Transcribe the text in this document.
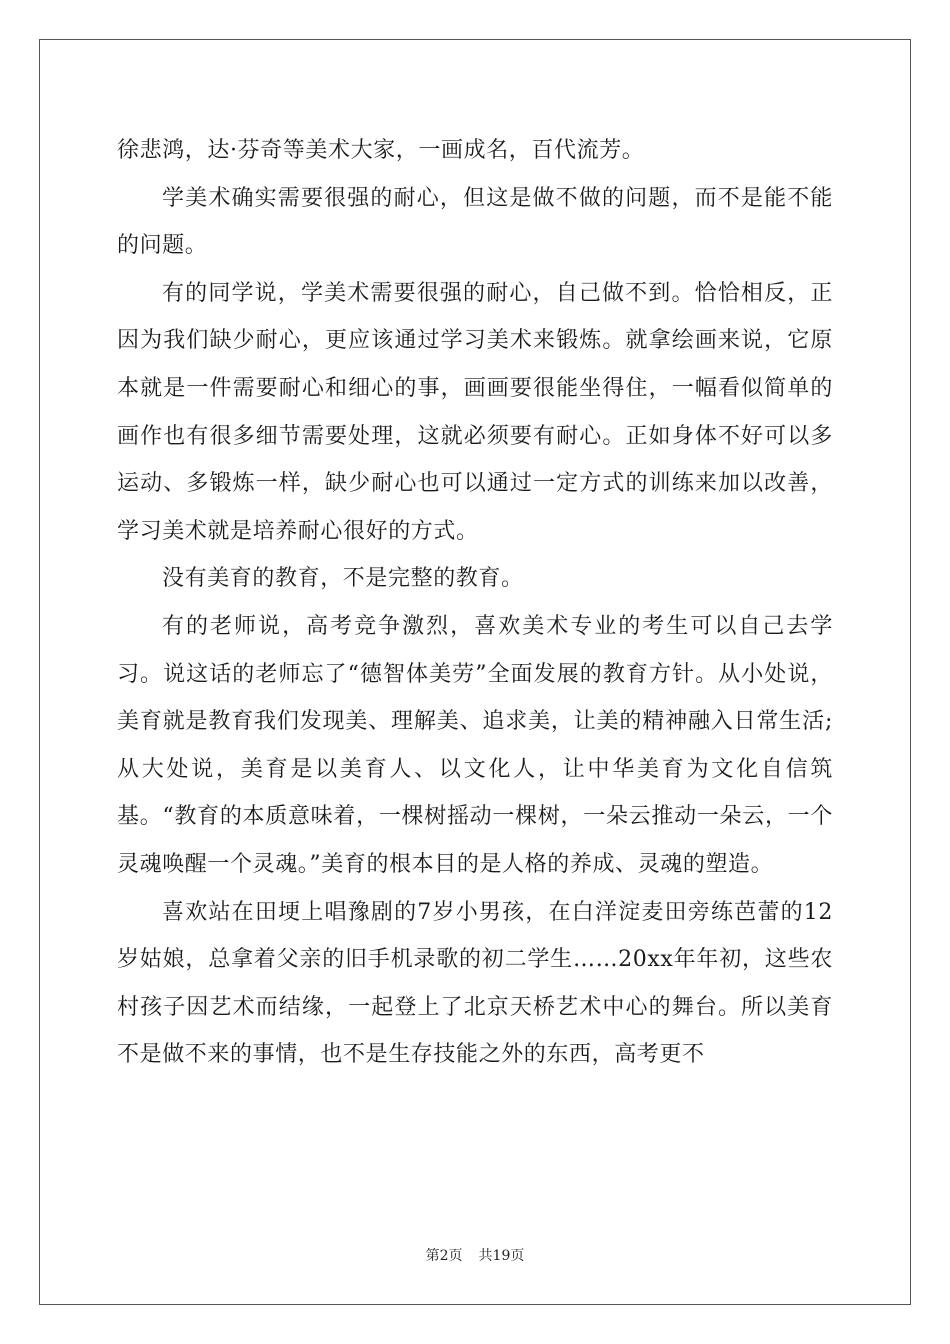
徐悲鸿，达·芬奇等美术大家，一画成名，百代流芳。

学美术确实需要很强的耐心，但这是做不做的问题，而不是能不能的问题。

有的同学说，学美术需要很强的耐心，自己做不到。恰恰相反，正因为我们缺少耐心，更应该通过学习美术来锻炼。就拿绘画来说，它原本就是一件需要耐心和细心的事，画画要很能坐得住，一幅看似简单的画作也有很多细节需要处理，这就必须要有耐心。正如身体不好可以多运动、多锻炼一样，缺少耐心也可以通过一定方式的训练来加以改善，学习美术就是培养耐心很好的方式。

没有美育的教育，不是完整的教育。

有的老师说，高考竞争激烈，喜欢美术专业的考生可以自己去学习。说这话的老师忘了“德智体美劳”全面发展的教育方针。从小处说，美育就是教育我们发现美、理解美、追求美，让美的精神融入日常生活;从大处说，美育是以美育人、以文化人，让中华美育为文化自信筑基。“教育的本质意味着，一棵树摇动一棵树，一朵云推动一朵云，一个灵魂唤醒一个灵魂。”美育的根本目的是人格的养成、灵魂的塑造。

喜欢站在田埂上唱豫剧的7岁小男孩，在白洋淀麦田旁练芭蕾的12岁姑娘，总拿着父亲的旧手机录歌的初二学生……20xx年年初，这些农村孩子因艺术而结缘，一起登上了北京天桥艺术中心的舞台。所以美育不是做不来的事情，也不是生存技能之外的东西，高考更不

第2页 共19页
